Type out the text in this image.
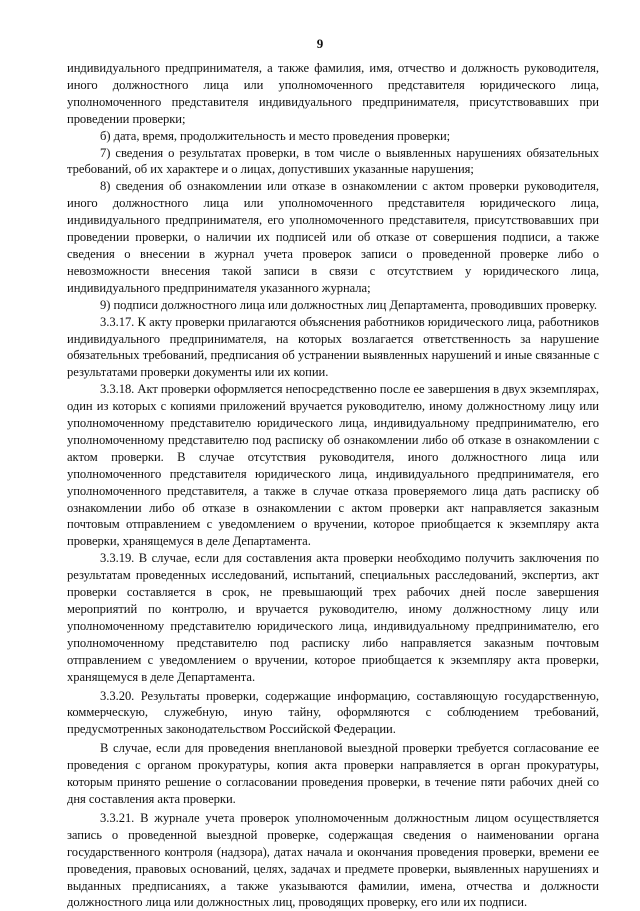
9

индивидуального предпринимателя, а также фамилия, имя, отчество и должность руководителя, иного должностного лица или уполномоченного представителя юридического лица, уполномоченного представителя индивидуального предпринимателя, присутствовавших при проведении проверки;

б) дата, время, продолжительность и место проведения проверки;

7) сведения о результатах проверки, в том числе о выявленных нарушениях обязательных требований, об их характере и о лицах, допустивших указанные нарушения;

8) сведения об ознакомлении или отказе в ознакомлении с актом проверки руководителя, иного должностного лица или уполномоченного представителя юридического лица, индивидуального предпринимателя, его уполномоченного представителя, присутствовавших при проведении проверки, о наличии их подписей или об отказе от совершения подписи, а также сведения о внесении в журнал учета проверок записи о проведенной проверке либо о невозможности внесения такой записи в связи с отсутствием у юридического лица, индивидуального предпринимателя указанного журнала;

9) подписи должностного лица или должностных лиц Департамента, проводивших проверку.

3.3.17. К акту проверки прилагаются объяснения работников юридического лица, работников индивидуального предпринимателя, на которых возлагается ответственность за нарушение обязательных требований, предписания об устранении выявленных нарушений и иные связанные с результатами проверки документы или их копии.

3.3.18. Акт проверки оформляется непосредственно после ее завершения в двух экземплярах, один из которых с копиями приложений вручается руководителю, иному должностному лицу или уполномоченному представителю юридического лица, индивидуальному предпринимателю, его уполномоченному представителю под расписку об ознакомлении либо об отказе в ознакомлении с актом проверки. В случае отсутствия руководителя, иного должностного лица или уполномоченного представителя юридического лица, индивидуального предпринимателя, его уполномоченного представителя, а также в случае отказа проверяемого лица дать расписку об ознакомлении либо об отказе в ознакомлении с актом проверки акт направляется заказным почтовым отправлением с уведомлением о вручении, которое приобщается к экземпляру акта проверки, хранящемуся в деле Департамента.

3.3.19. В случае, если для составления акта проверки необходимо получить заключения по результатам проведенных исследований, испытаний, специальных расследований, экспертиз, акт проверки составляется в срок, не превышающий трех рабочих дней после завершения мероприятий по контролю, и вручается руководителю, иному должностному лицу или уполномоченному представителю юридического лица, индивидуальному предпринимателю, его уполномоченному представителю под расписку либо направляется заказным почтовым отправлением с уведомлением о вручении, которое приобщается к экземпляру акта проверки, хранящемуся в деле Департамента.

3.3.20. Результаты проверки, содержащие информацию, составляющую государственную, коммерческую, служебную, иную тайну, оформляются с соблюдением требований, предусмотренных законодательством Российской Федерации.

В случае, если для проведения внеплановой выездной проверки требуется согласование ее проведения с органом прокуратуры, копия акта проверки направляется в орган прокуратуры, которым принято решение о согласовании проведения проверки, в течение пяти рабочих дней со дня составления акта проверки.

3.3.21. В журнале учета проверок уполномоченным должностным лицом осуществляется запись о проведенной выездной проверке, содержащая сведения о наименовании органа государственного контроля (надзора), датах начала и окончания проведения проверки, времени ее проведения, правовых оснований, целях, задачах и предмете проверки, выявленных нарушениях и выданных предписаниях, а также указываются фамилии, имена, отчества и должности должностного лица или должностных лиц, проводящих проверку, его или их подписи.
